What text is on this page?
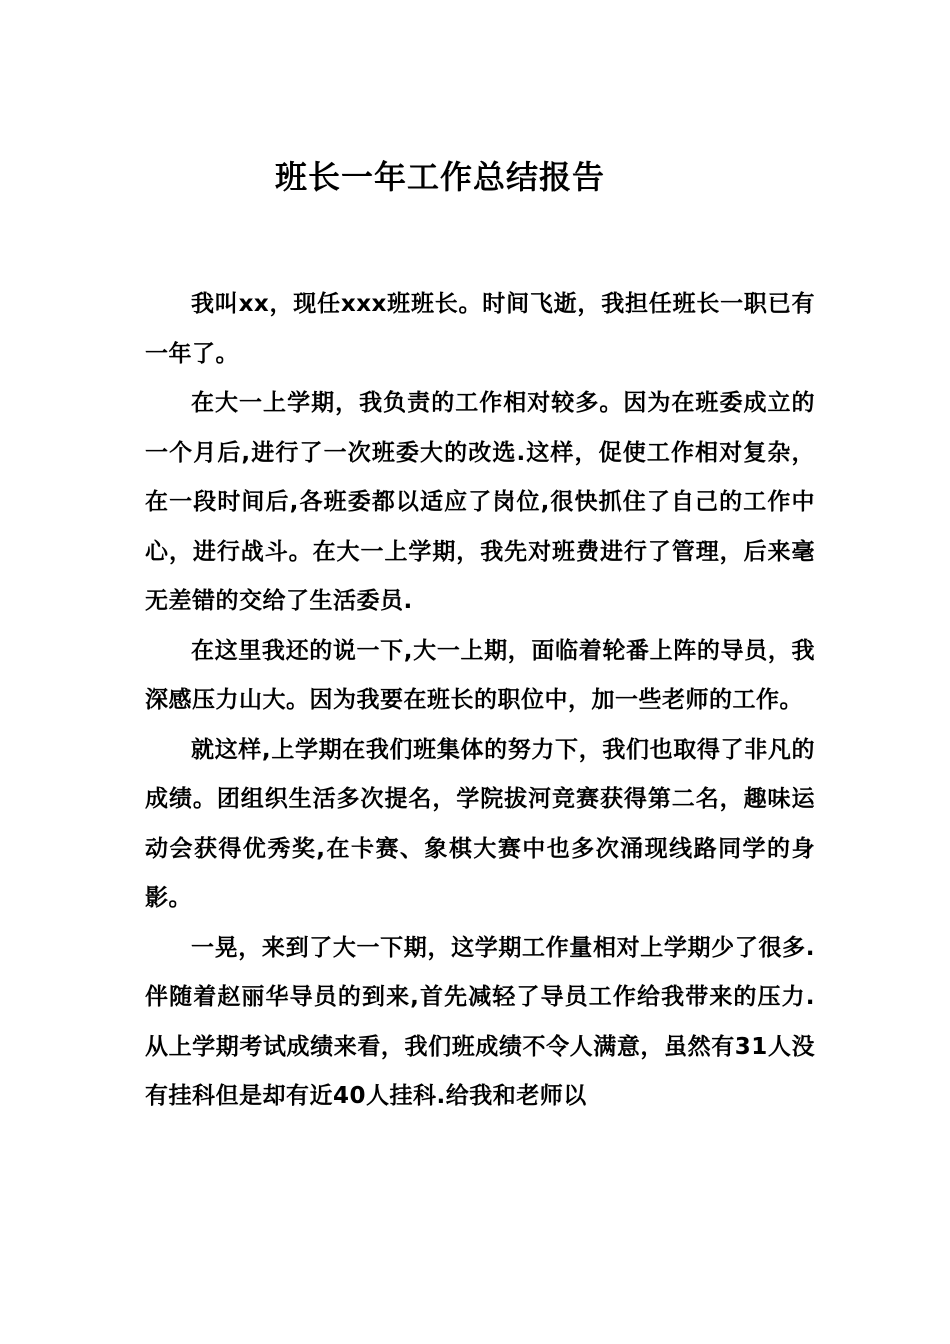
班长一年工作总结报告

我叫xx，现任xxx班班长。时间飞逝，我担任班长一职已有一年了。

在大一上学期，我负责的工作相对较多。因为在班委成立的一个月后,进行了一次班委大的改选.这样，促使工作相对复杂，在一段时间后,各班委都以适应了岗位,很快抓住了自己的工作中心，进行战斗。在大一上学期，我先对班费进行了管理，后来毫无差错的交给了生活委员.

在这里我还的说一下,大一上期，面临着轮番上阵的导员，我深感压力山大。因为我要在班长的职位中，加一些老师的工作。

就这样,上学期在我们班集体的努力下，我们也取得了非凡的成绩。团组织生活多次提名，学院拔河竞赛获得第二名，趣味运动会获得优秀奖,在卡赛、象棋大赛中也多次涌现线路同学的身影。

一晃，来到了大一下期，这学期工作量相对上学期少了很多.伴随着赵丽华导员的到来,首先减轻了导员工作给我带来的压力.从上学期考试成绩来看，我们班成绩不令人满意，虽然有31人没有挂科但是却有近40人挂科.给我和老师以
